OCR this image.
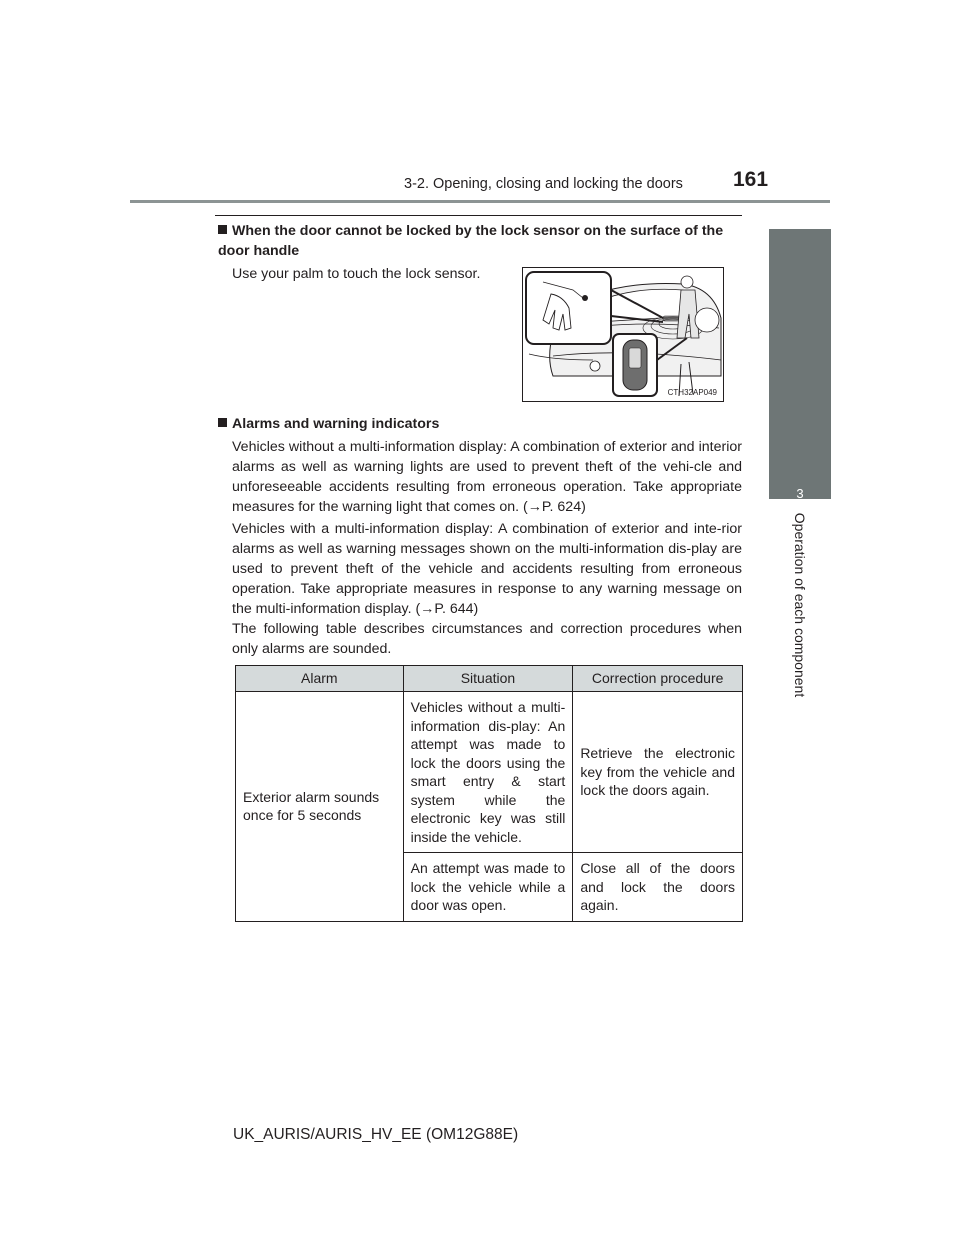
3-2. Opening, closing and locking the doors 161
3
Operation of each component
When the door cannot be locked by the lock sensor on the surface of the door handle
Use your palm to touch the lock sensor.
CTH32AP049
Alarms and warning indicators
Vehicles without a multi-information display: A combination of exterior and interior alarms as well as warning lights are used to prevent theft of the vehi-cle and unforeseeable accidents resulting from erroneous operation. Take appropriate measures for the warning light that comes on. (→P. 624)
Vehicles with a multi-information display: A combination of exterior and inte-rior alarms as well as warning messages shown on the multi-information dis-play are used to prevent theft of the vehicle and accidents resulting from erroneous operation. Take appropriate measures in response to any warning message on the multi-information display. (→P. 644)
The following table describes circumstances and correction procedures when only alarms are sounded.
Alarm	Situation	Correction procedure
Exterior alarm sounds once for 5 seconds	Vehicles without a multi-information dis-play: An attempt was made to lock the doors using the smart entry & start system while the electronic key was still inside the vehicle.	Retrieve the electronic key from the vehicle and lock the doors again.
	An attempt was made to lock the vehicle while a door was open.	Close all of the doors and lock the doors again.
UK_AURIS/AURIS_HV_EE (OM12G88E)
